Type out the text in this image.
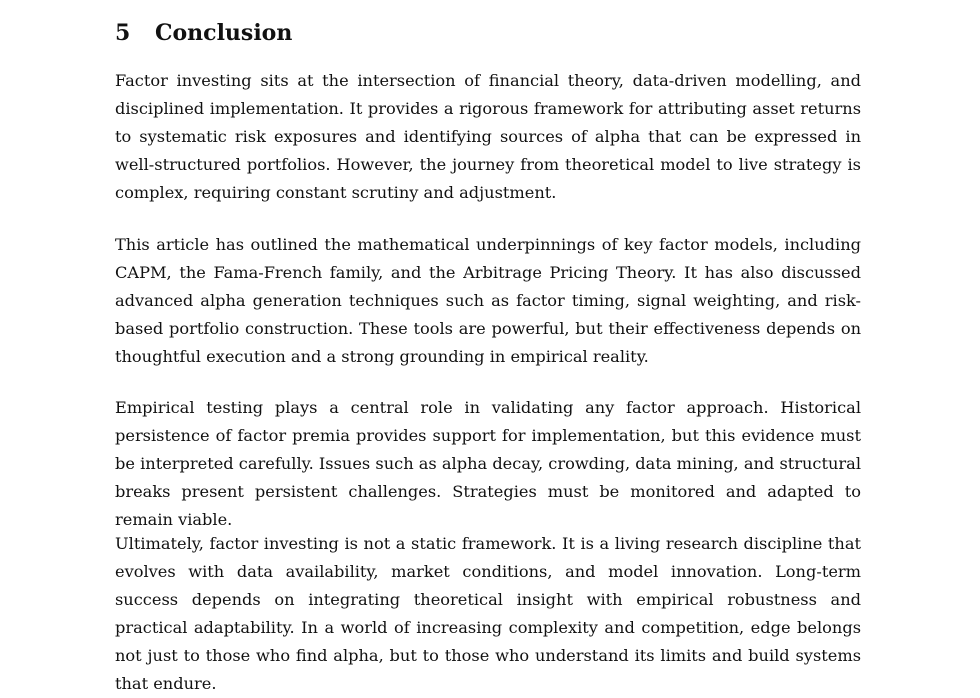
5 Conclusion

Factor investing sits at the intersection of financial theory, data-driven modelling, and disciplined implementation. It provides a rigorous framework for attributing asset returns to systematic risk exposures and identifying sources of alpha that can be expressed in well-structured portfolios. However, the journey from theoretical model to live strategy is complex, requiring constant scrutiny and adjustment.

This article has outlined the mathematical underpinnings of key factor models, including CAPM, the Fama-French family, and the Arbitrage Pricing Theory. It has also discussed advanced alpha generation techniques such as factor timing, signal weighting, and risk-based portfolio construction. These tools are powerful, but their effectiveness depends on thoughtful execution and a strong grounding in empirical reality.

Empirical testing plays a central role in validating any factor approach. Historical persistence of factor premia provides support for implementation, but this evidence must be interpreted carefully. Issues such as alpha decay, crowding, data mining, and structural breaks present persistent challenges. Strategies must be monitored and adapted to remain viable.

Ultimately, factor investing is not a static framework. It is a living research discipline that evolves with data availability, market conditions, and model innovation. Long-term success depends on integrating theoretical insight with empirical robustness and practical adaptability. In a world of increasing complexity and competition, edge belongs not just to those who find alpha, but to those who understand its limits and build systems that endure.
